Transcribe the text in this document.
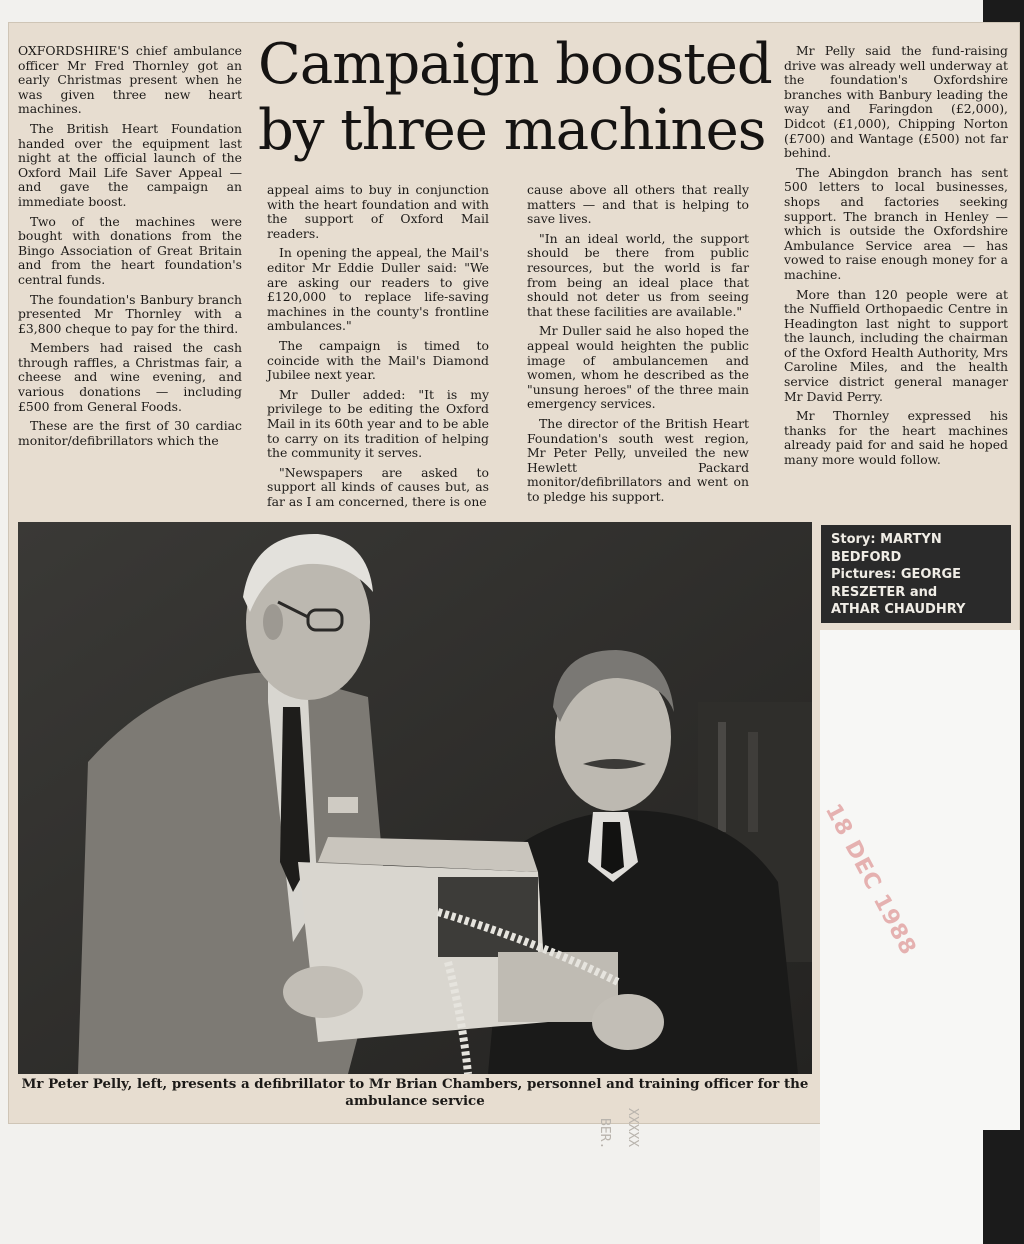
Campaign boosted by three machines

OXFORDSHIRE'S chief ambulance officer Mr Fred Thornley got an early Christmas present when he was given three new heart machines.

The British Heart Foundation handed over the equipment last night at the official launch of the Oxford Mail Life Saver Appeal — and gave the campaign an immediate boost.

Two of the machines were bought with donations from the Bingo Association of Great Britain and from the heart foundation's central funds.

The foundation's Banbury branch presented Mr Thornley with a £3,800 cheque to pay for the third.

Members had raised the cash through raffles, a Christmas fair, a cheese and wine evening, and various donations — including £500 from General Foods.

These are the first of 30 cardiac monitor/defibrillators which the

appeal aims to buy in conjunction with the heart foundation and with the support of Oxford Mail readers.

In opening the appeal, the Mail's editor Mr Eddie Duller said: "We are asking our readers to give £120,000 to replace life-saving machines in the county's frontline ambulances."

The campaign is timed to coincide with the Mail's Diamond Jubilee next year.

Mr Duller added: "It is my privilege to be editing the Oxford Mail in its 60th year and to be able to carry on its tradition of helping the community it serves.

"Newspapers are asked to support all kinds of causes but, as far as I am concerned, there is one

cause above all others that really matters — and that is helping to save lives.

"In an ideal world, the support should be there from public resources, but the world is far from being an ideal place that should not deter us from seeing that these facilities are available."

Mr Duller said he also hoped the appeal would heighten the public image of ambulancemen and women, whom he described as the "unsung heroes" of the three main emergency services.

The director of the British Heart Foundation's south west region, Mr Peter Pelly, unveiled the new Hewlett Packard monitor/defibrillators and went on to pledge his support.

Mr Pelly said the fund-raising drive was already well underway at the foundation's Oxfordshire branches with Banbury leading the way and Faringdon (£2,000), Didcot (£1,000), Chipping Norton (£700) and Wantage (£500) not far behind.

The Abingdon branch has sent 500 letters to local businesses, shops and factories seeking support. The branch in Henley — which is outside the Oxfordshire Ambulance Service area — has vowed to raise enough money for a machine.

More than 120 people were at the Nuffield Orthopaedic Centre in Headington last night to support the launch, including the chairman of the Oxford Health Authority, Mrs Caroline Miles, and the health service district general manager Mr David Perry.

Mr Thornley expressed his thanks for the heart machines already paid for and said he hoped many more would follow.

Story: MARTYN
BEDFORD
Pictures: GEORGE
RESZETER and
ATHAR CHAUDHRY
Mr Peter Pelly, left, presents a defibrillator to Mr Brian Chambers, personnel and training officer for the ambulance service
18 DEC 1988
XXXXX
BER.
